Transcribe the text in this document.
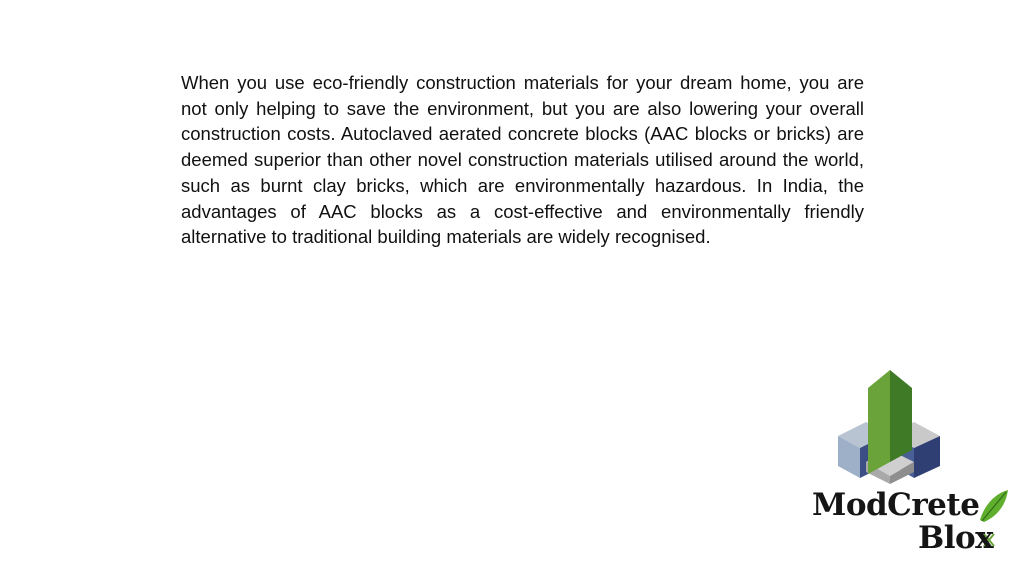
When you use eco-friendly construction materials for your dream home, you are not only helping to save the environment, but you are also lowering your overall construction costs. Autoclaved aerated concrete blocks (AAC blocks or bricks) are deemed superior than other novel construction materials utilised around the world, such as burnt clay bricks, which are environmentally hazardous. In India, the advantages of AAC blocks as a cost-effective and environmentally friendly alternative to traditional building materials are widely recognised.

ModCrete

Blox
